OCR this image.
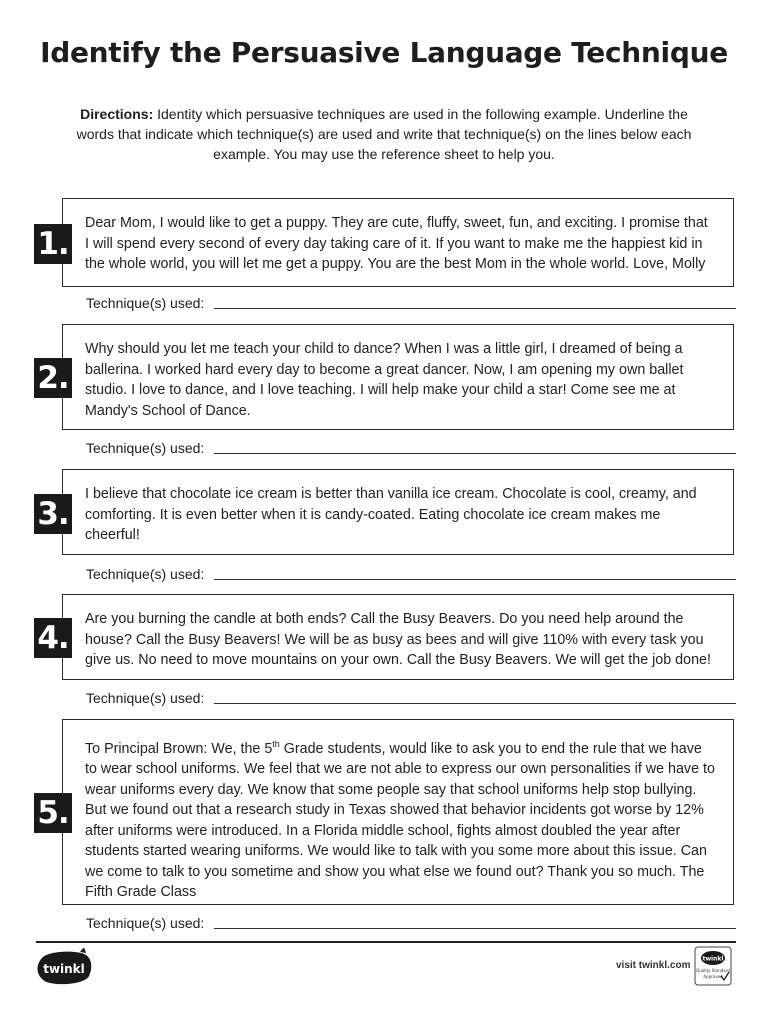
Identify the Persuasive Language Technique
Directions: Identity which persuasive techniques are used in the following example. Underline the words that indicate which technique(s) are used and write that technique(s) on the lines below each example. You may use the reference sheet to help you.
Dear Mom, I would like to get a puppy. They are cute, fluffy, sweet, fun, and exciting. I promise that I will spend every second of every day taking care of it. If you want to make me the happiest kid in the whole world, you will let me get a puppy. You are the best Mom in the whole world. Love, Molly
1.
Technique(s) used:
Why should you let me teach your child to dance? When I was a little girl, I dreamed of being a ballerina. I worked hard every day to become a great dancer. Now, I am opening my own ballet studio. I love to dance, and I love teaching. I will help make your child a star! Come see me at Mandy's School of Dance.
2.
Technique(s) used:
I believe that chocolate ice cream is better than vanilla ice cream. Chocolate is cool, creamy, and comforting. It is even better when it is candy-coated. Eating chocolate ice cream makes me cheerful!
3.
Technique(s) used:
Are you burning the candle at both ends? Call the Busy Beavers. Do you need help around the house? Call the Busy Beavers! We will be as busy as bees and will give 110% with every task you give us. No need to move mountains on your own. Call the Busy Beavers. We will get the job done!
4.
Technique(s) used:
To Principal Brown: We, the 5th Grade students, would like to ask you to end the rule that we have to wear school uniforms. We feel that we are not able to express our own personalities if we have to wear uniforms every day. We know that some people say that school uniforms help stop bullying. But we found out that a research study in Texas showed that behavior incidents got worse by 12% after uniforms were introduced. In a Florida middle school, fights almost doubled the year after students started wearing uniforms. We would like to talk with you some more about this issue. Can we come to talk to you sometime and show you what else we found out? Thank you so much. The Fifth Grade Class
5.
Technique(s) used:
twinkl	visit twinkl.com
twinkl
Quality Standard
Approved
